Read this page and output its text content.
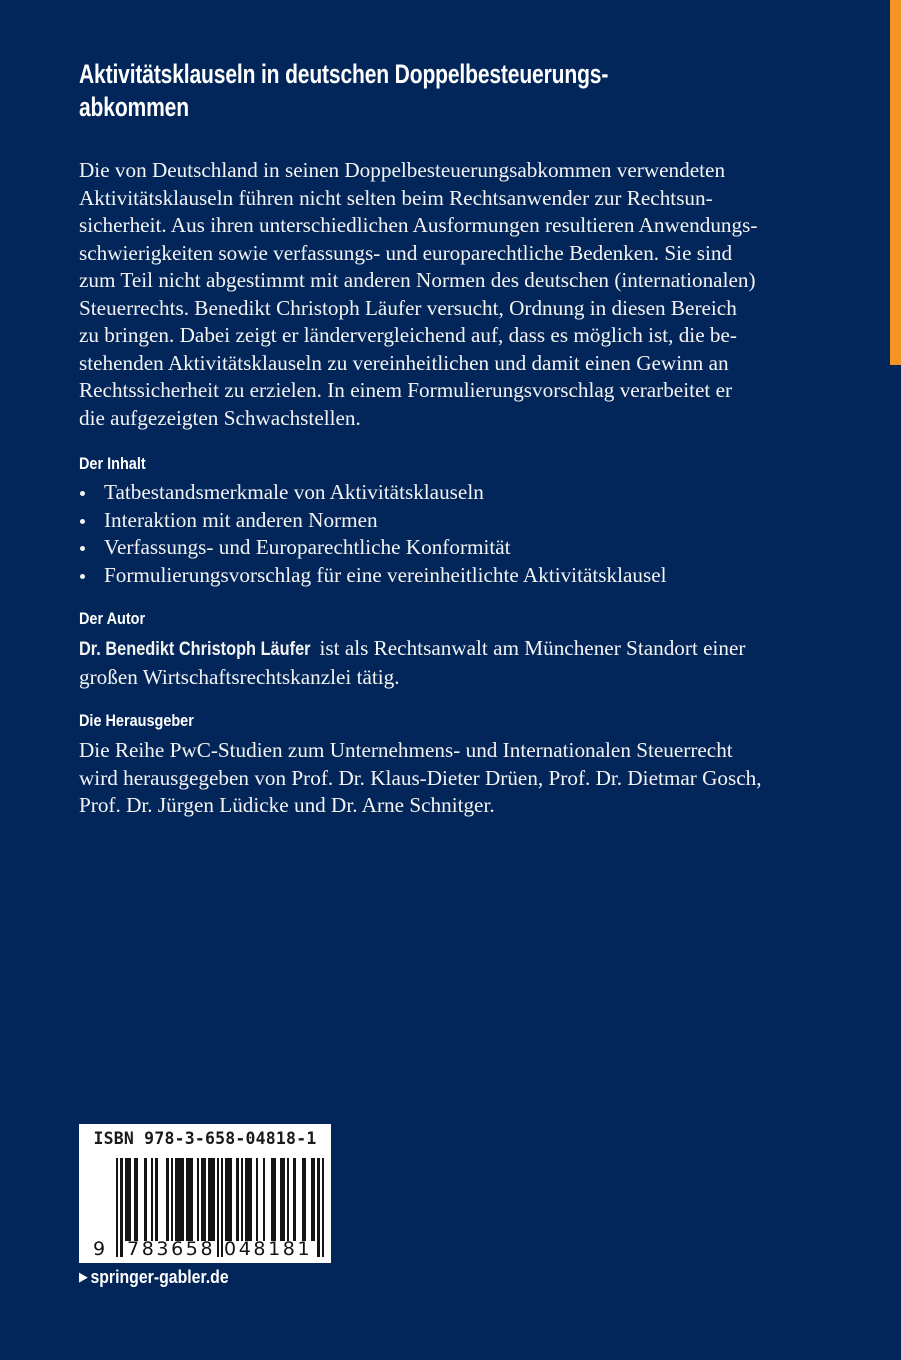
Aktivitätsklauseln in deutschen Doppelbesteuerungs-
abkommen
Die von Deutschland in seinen Doppelbesteuerungsabkommen verwendeten
Aktivitätsklauseln führen nicht selten beim Rechtsanwender zur Rechtsun-
sicherheit. Aus ihren unterschiedlichen Ausformungen resultieren Anwendungs-
schwierigkeiten sowie verfassungs- und europarechtliche Bedenken. Sie sind
zum Teil nicht abgestimmt mit anderen Normen des deutschen (internationalen)
Steuerrechts. Benedikt Christoph Läufer versucht, Ordnung in diesen Bereich
zu bringen. Dabei zeigt er ländervergleichend auf, dass es möglich ist, die be-
stehenden Aktivitätsklauseln zu vereinheitlichen und damit einen Gewinn an
Rechtssicherheit zu erzielen. In einem Formulierungsvorschlag verarbeitet er
die aufgezeigten Schwachstellen.
Der Inhalt
Tatbestandsmerkmale von Aktivitätsklauseln
Interaktion mit anderen Normen
Verfassungs- und Europarechtliche Konformität
Formulierungsvorschlag für eine vereinheitlichte Aktivitätsklausel
Der Autor
Dr. Benedikt Christoph Läufer ist als Rechtsanwalt am Münchener Standort einer
großen Wirtschaftsrechtskanzlei tätig.
Die Herausgeber
Die Reihe PwC-Studien zum Unternehmens- und Internationalen Steuerrecht
wird herausgegeben von Prof. Dr. Klaus-Dieter Drüen, Prof. Dr. Dietmar Gosch,
Prof. Dr. Jürgen Lüdicke und Dr. Arne Schnitger.
ISBN 978-3-658-04818-1
9 783658 048181
▶ springer-gabler.de
